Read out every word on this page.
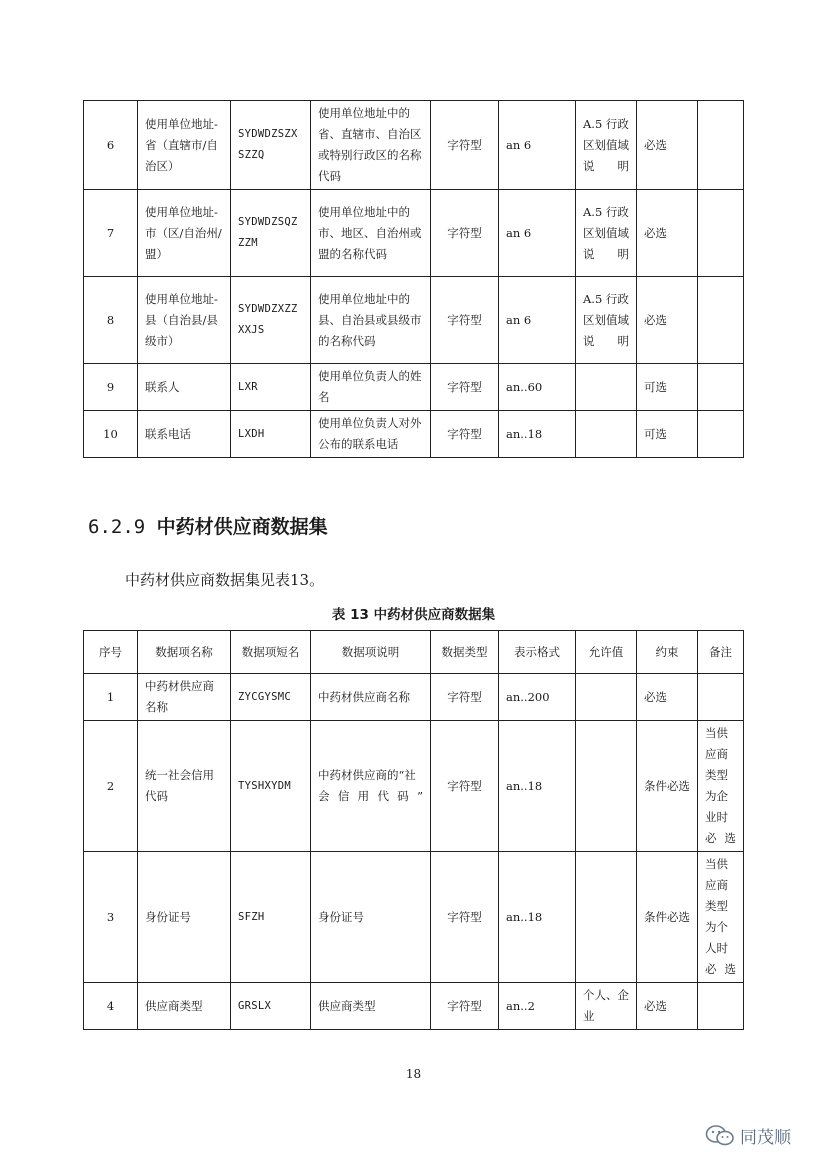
6	使用单位地址-省（直辖市/自治区）	SYDWDZSZXSZZQ	使用单位地址中的省、直辖市、自治区或特别行政区的名称代码	字符型	an 6	A.5 行政区划值域说明	必选	
7	使用单位地址-市（区/自治州/盟）	SYDWDZSQZZZM	使用单位地址中的市、地区、自治州或盟的名称代码	字符型	an 6	A.5 行政区划值域说明	必选	
8	使用单位地址-县（自治县/县级市）	SYDWDZXZZXXJS	使用单位地址中的县、自治县或县级市的名称代码	字符型	an 6	A.5 行政区划值域说明	必选	
9	联系人	LXR	使用单位负责人的姓名	字符型	an..60		可选	
10	联系电话	LXDH	使用单位负责人对外公布的联系电话	字符型	an..18		可选	
6.2.9 中药材供应商数据集
中药材供应商数据集见表13。
表 13 中药材供应商数据集
序号	数据项名称	数据项短名	数据项说明	数据类型	表示格式	允许值	约束	备注
1	中药材供应商名称	ZYCGYSMC	中药材供应商名称	字符型	an..200		必选	
2	统一社会信用代码	TYSHXYDM	中药材供应商的“社会信用代码”	字符型	an..18		条件必选	当供应商类型为企业时必选
3	身份证号	SFZH	身份证号	字符型	an..18		条件必选	当供应商类型为个人时必选
4	供应商类型	GRSLX	供应商类型	字符型	an..2	个人、企业	必选	
18
同茂顺
